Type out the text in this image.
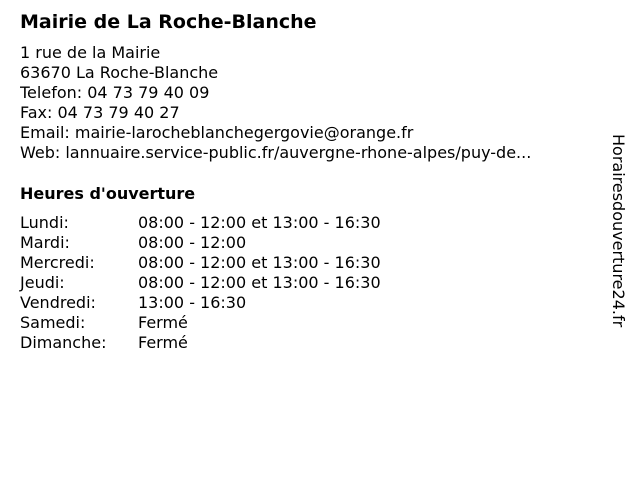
Mairie de La Roche-Blanche
1 rue de la Mairie
63670 La Roche-Blanche
Telefon: 04 73 79 40 09
Fax: 04 73 79 40 27
Email: mairie-larocheblanchegergovie@orange.fr
Web: lannuaire.service-public.fr/auvergne-rhone-alpes/puy-de...
Heures d'ouverture
Lundi:	08:00 - 12:00 et 13:00 - 16:30
Mardi:	08:00 - 12:00
Mercredi:	08:00 - 12:00 et 13:00 - 16:30
Jeudi:	08:00 - 12:00 et 13:00 - 16:30
Vendredi:	13:00 - 16:30
Samedi:	Fermé
Dimanche: Fermé
Horairesdouverture24.fr
